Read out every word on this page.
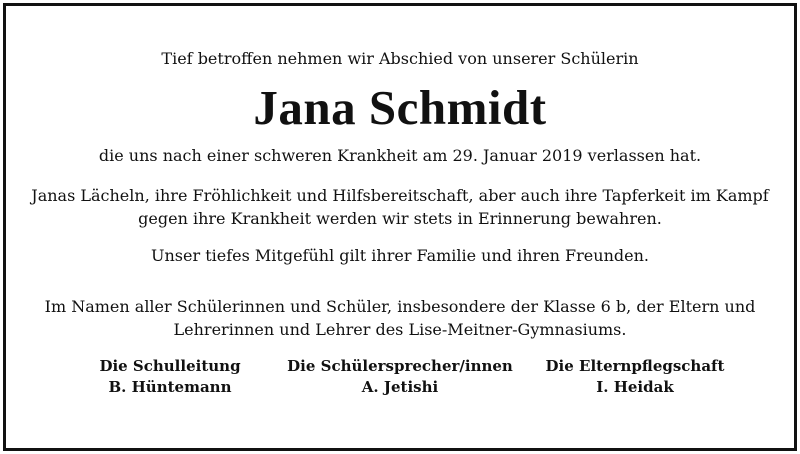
Tief betroffen nehmen wir Abschied von unserer Schülerin
Jana Schmidt
die uns nach einer schweren Krankheit am 29. Januar 2019 verlassen hat.
Janas Lächeln, ihre Fröhlichkeit und Hilfsbereitschaft, aber auch ihre Tapferkeit im Kampf
gegen ihre Krankheit werden wir stets in Erinnerung bewahren.
Unser tiefes Mitgefühl gilt ihrer Familie und ihren Freunden.
Im Namen aller Schülerinnen und Schüler, insbesondere der Klasse 6 b, der Eltern und
Lehrerinnen und Lehrer des Lise-Meitner-Gymnasiums.
Die Schulleitung
B. Hüntemann
Die Schülersprecher/innen
A. Jetishi
Die Elternpflegschaft
I. Heidak
